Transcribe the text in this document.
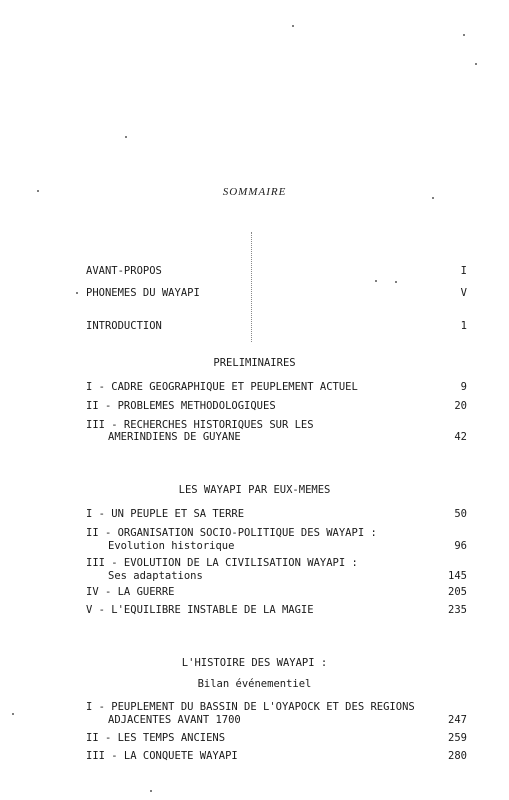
SOMMAIRE
AVANT-PROPOS	I
PHONEMES DU WAYAPI	V
INTRODUCTION	1
PRELIMINAIRES
I - CADRE GEOGRAPHIQUE ET PEUPLEMENT ACTUEL	9
II - PROBLEMES METHODOLOGIQUES	20
III - RECHERCHES HISTORIQUES SUR LES
AMERINDIENS DE GUYANE	42
LES WAYAPI PAR EUX-MEMES
I - UN PEUPLE ET SA TERRE	50
II - ORGANISATION SOCIO-POLITIQUE DES WAYAPI :
Evolution historique	96
III - EVOLUTION DE LA CIVILISATION WAYAPI :
Ses adaptations	145
IV - LA GUERRE	205
V - L'EQUILIBRE INSTABLE DE LA MAGIE	235
L'HISTOIRE DES WAYAPI :
Bilan événementiel
I - PEUPLEMENT DU BASSIN DE L'OYAPOCK ET DES REGIONS
ADJACENTES AVANT 1700	247
II - LES TEMPS ANCIENS	259
III - LA CONQUETE WAYAPI	280
